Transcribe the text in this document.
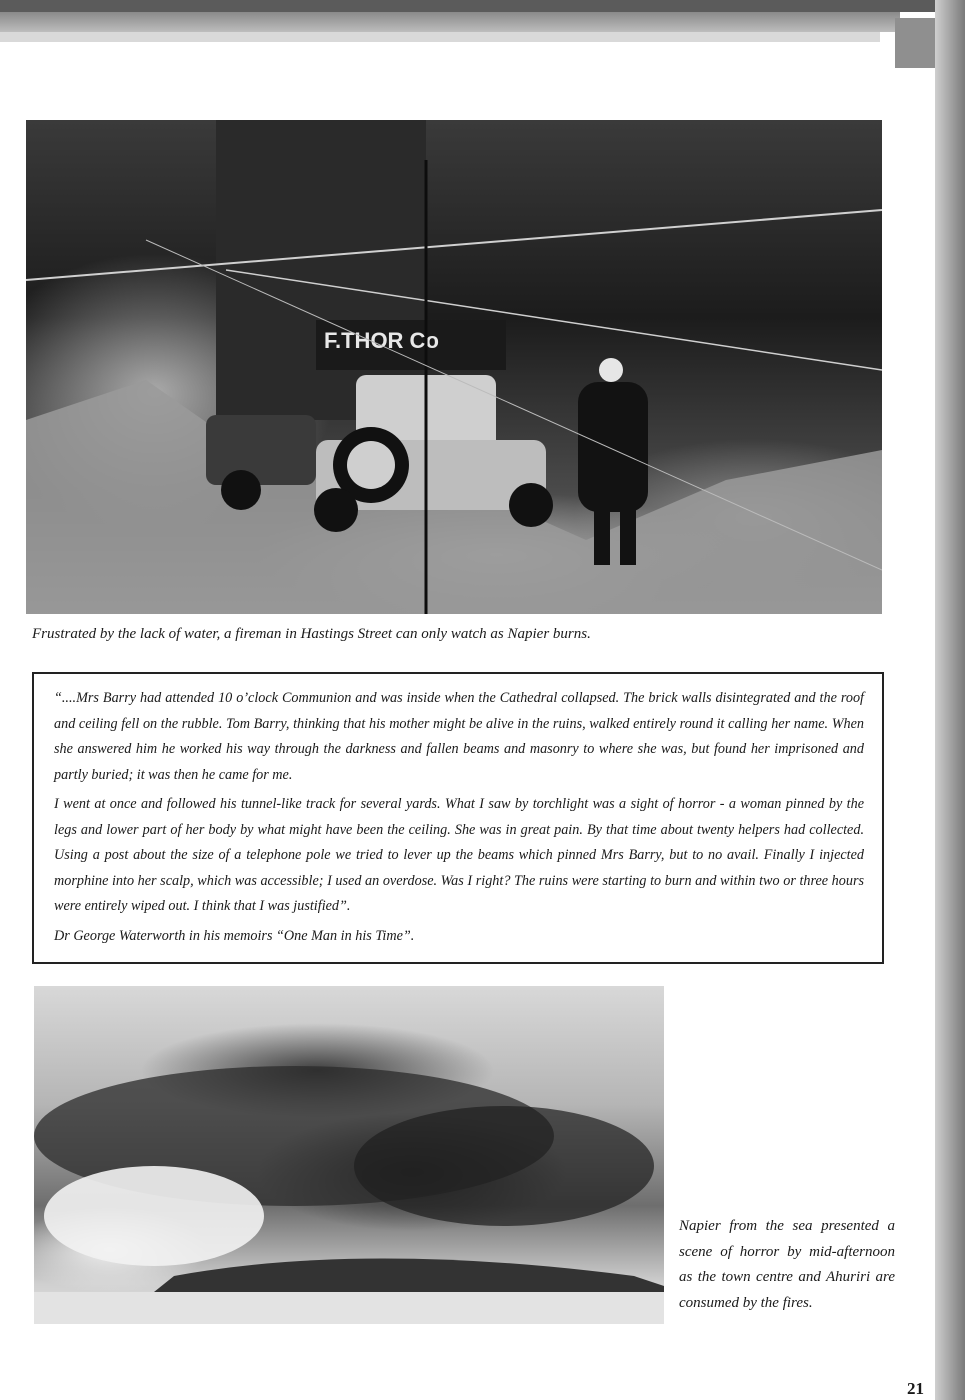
F.THOR Co
Frustrated by the lack of water, a fireman in Hastings Street can only watch as Napier burns.

“....Mrs Barry had attended 10 o’clock Communion and was inside when the Cathedral collapsed. The brick walls disintegrated and the roof and ceiling fell on the rubble. Tom Barry, thinking that his mother might be alive in the ruins, walked entirely round it calling her name. When she answered him he worked his way through the darkness and fallen beams and masonry to where she was, but found her imprisoned and partly buried; it was then he came for me.

I went at once and followed his tunnel-like track for several yards. What I saw by torchlight was a sight of horror - a woman pinned by the legs and lower part of her body by what might have been the ceiling. She was in great pain. By that time about twenty helpers had collected. Using a post about the size of a telephone pole we tried to lever up the beams which pinned Mrs Barry, but to no avail. Finally I injected morphine into her scalp, which was accessible; I used an overdose. Was I right? The ruins were starting to burn and within two or three hours were entirely wiped out. I think that I was justified”.

Dr George Waterworth in his memoirs “One Man in his Time”.

Napier from the sea presented a scene of horror by mid-afternoon as the town centre and Ahuriri are consumed by the fires.
21
